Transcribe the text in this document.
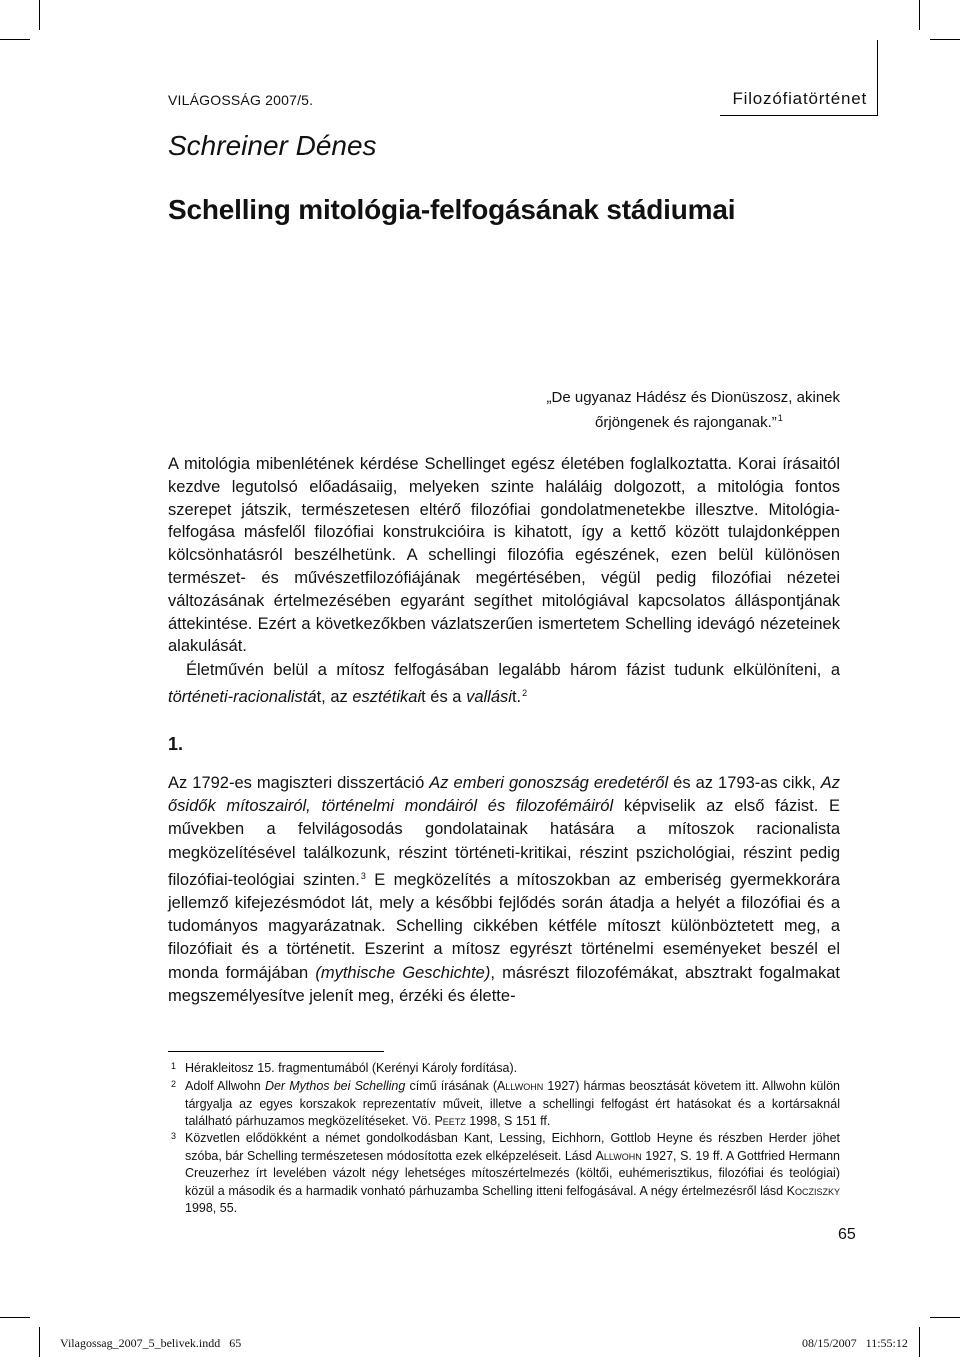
VILÁGOSSÁG 2007/5.	Filozófiatörténet
Schreiner Dénes
Schelling mitológia-felfogásának stádiumai
„De ugyanaz Hádész és Dionüszosz, akinek
őrjöngenek és rajonganak.”$^1$

A mitológia mibenlétének kérdése Schellinget egész életében foglalkoztatta. Korai írásaitól kezdve legutolsó előadásaiig, melyeken szinte haláláig dolgozott, a mitológia fontos szerepet játszik, természetesen eltérő filozófiai gondolatmenetekbe illesztve. Mitológia-felfogása másfelől filozófiai konstrukcióira is kihatott, így a kettő között tulajdonképpen kölcsönhatásról beszélhetünk. A schellingi filozófia egészének, ezen belül különösen természet- és művészetfilozófiájának megértésében, végül pedig filozófiai nézetei változásának értelmezésében egyaránt segíthet mitológiával kapcsolatos álláspontjának áttekintése. Ezért a következőkben vázlatszerűen ismertetem Schelling idevágó nézeteinek alakulását.

Életművén belül a mítosz felfogásában legalább három fázist tudunk elkülöníteni, a történeti-racionalistát, az esztétikait és a vallásit.$^2$

1.

Az 1792-es magiszteri disszertáció Az emberi gonoszság eredetéről és az 1793-as cikk, Az ősidők mítoszairól, történelmi mondáiról és filozofémáiról képviselik az első fázist. E művekben a felvilágosodás gondolatainak hatására a mítoszok racionalista megközelítésével találkozunk, részint történeti-kritikai, részint pszichológiai, részint pedig filozófiai-teológiai szinten.$^3$ E megközelítés a mítoszokban az emberiség gyermekkorára jellemző kifejezésmódot lát, mely a későbbi fejlődés során átadja a helyét a filozófiai és a tudományos magyarázatnak. Schelling cikkében kétféle mítoszt különböztetett meg, a filozófiait és a történetit. Eszerint a mítosz egyrészt történelmi eseményeket beszél el monda formájában (mythische Geschichte), másrészt filozofémákat, absztrakt fogalmakat megszemélyesítve jelenít meg, érzéki és élette-

1 Hérakleitosz 15. fragmentumából (Kerényi Károly fordítása).
2 Adolf Allwohn Der Mythos bei Schelling című írásának (Allwohn 1927) hármas beosztását követem itt. Allwohn külön tárgyalja az egyes korszakok reprezentatív műveit, illetve a schellingi felfogást ért hatásokat és a kortársaknál található párhuzamos megközelítéseket. Vö. Peetz 1998, S 151 ff.
3 Közvetlen elődökként a német gondolkodásban Kant, Lessing, Eichhorn, Gottlob Heyne és részben Herder jöhet szóba, bár Schelling természetesen módosította ezek elképzeléseit. Lásd Allwohn 1927, S. 19 ff. A Gottfried Hermann Creuzerhez írt levelében vázolt négy lehetséges mítoszértelmezés (költői, euhémerisztikus, filozófiai és teológiai) közül a második és a harmadik vonható párhuzamba Schelling itteni felfogásával. A négy értelmezésről lásd Kocziszky 1998, 55.
65
Vilagossag_2007_5_belivek.indd   65	08/15/2007   11:55:12
